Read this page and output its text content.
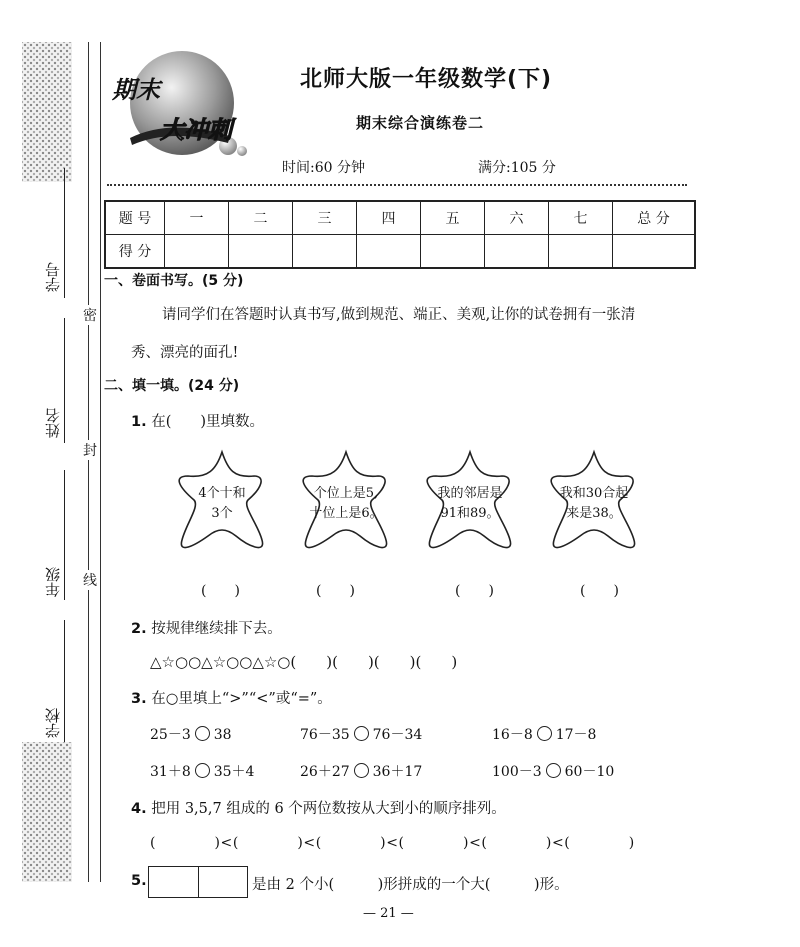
学号
姓名
年级
学校
密
封
线
期末
大冲刺
北师大版一年级数学(下)
期末综合演练卷二
时间:60 分钟	满分:105 分
题 号	一	二	三	四	五	六	七	总 分
得 分								
一、卷面书写。(5 分)
请同学们在答题时认真书写,做到规范、端正、美观,让你的试卷拥有一张清
秀、漂亮的面孔!
二、填一填。(24 分)
1. 在(　　)里填数。
4个十和
3个
个位上是5,
十位上是6。
我的邻居是
91和89。
我和30合起
来是38。
(　　)	(　　)	(　　)	(　　)
2. 按规律继续排下去。
△☆○○△☆○○△☆○(　　)(　　)(　　)(　　)
3. 在○里填上“>”“<”或“=”。
25－3 38	76－35 76－34	16－8 17－8
31＋8 35＋4	26＋27 36＋17	100－3 60－10
4. 把用 3,5,7 组成的 6 个两位数按从大到小的顺序排列。
(　　　　)<(　　　　)<(　　　　)<(　　　　)<(　　　　)<(　　　　)
5.	是由 2 个小(　　　)形拼成的一个大(　　　)形。
— 21 —
